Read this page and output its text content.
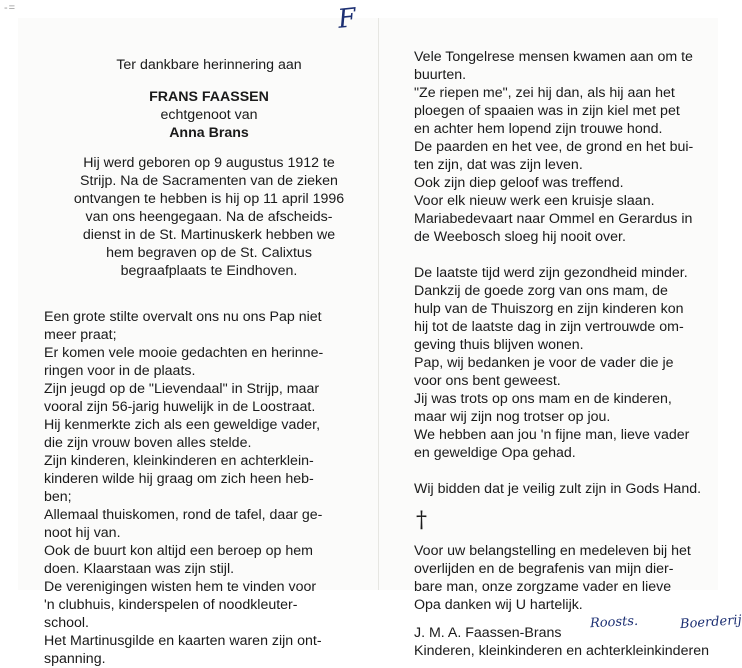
-=	F
Ter dankbare herinnering aan
FRANS FAASSEN
echtgenoot van
Anna Brans
Hij werd geboren op 9 augustus 1912 te
Strijp. Na de Sacramenten van de zieken
ontvangen te hebben is hij op 11 april 1996
van ons heengegaan. Na de afscheids-
dienst in de St. Martinuskerk hebben we
hem begraven op de St. Calixtus
begraafplaats te Eindhoven.
Een grote stilte overvalt ons nu ons Pap niet
meer praat;
Er komen vele mooie gedachten en herinne-
ringen voor in de plaats.
Zijn jeugd op de "Lievendaal" in Strijp, maar
vooral zijn 56-jarig huwelijk in de Loostraat.
Hij kenmerkte zich als een geweldige vader,
die zijn vrouw boven alles stelde.
Zijn kinderen, kleinkinderen en achterklein-
kinderen wilde hij graag om zich heen heb-
ben;
Allemaal thuiskomen, rond de tafel, daar ge-
noot hij van.
Ook de buurt kon altijd een beroep op hem
doen. Klaarstaan was zijn stijl.
De verenigingen wisten hem te vinden voor
'n clubhuis, kinderspelen of noodkleuter-
school.
Het Martinusgilde en kaarten waren zijn ont-
spanning.
Vele Tongelrese mensen kwamen aan om te
buurten.
"Ze riepen me", zei hij dan, als hij aan het
ploegen of spaaien was in zijn kiel met pet
en achter hem lopend zijn trouwe hond.
De paarden en het vee, de grond en het bui-
ten zijn, dat was zijn leven.
Ook zijn diep geloof was treffend.
Voor elk nieuw werk een kruisje slaan.
Mariabedevaart naar Ommel en Gerardus in
de Weebosch sloeg hij nooit over.
De laatste tijd werd zijn gezondheid minder.
Dankzij de goede zorg van ons mam, de
hulp van de Thuiszorg en zijn kinderen kon
hij tot de laatste dag in zijn vertrouwde om-
geving thuis blijven wonen.
Pap, wij bedanken je voor de vader die je
voor ons bent geweest.
Jij was trots op ons mam en de kinderen,
maar wij zijn nog trotser op jou.
We hebben aan jou 'n fijne man, lieve vader
en geweldige Opa gehad.
Wij bidden dat je veilig zult zijn in Gods Hand.
†
Voor uw belangstelling en medeleven bij het
overlijden en de begrafenis van mijn dier-
bare man, onze zorgzame vader en lieve
Opa danken wij U hartelijk.
J. M. A. Faassen-Brans
Roosts.	Boerderij
Kinderen, kleinkinderen en achterkleinkinderen
